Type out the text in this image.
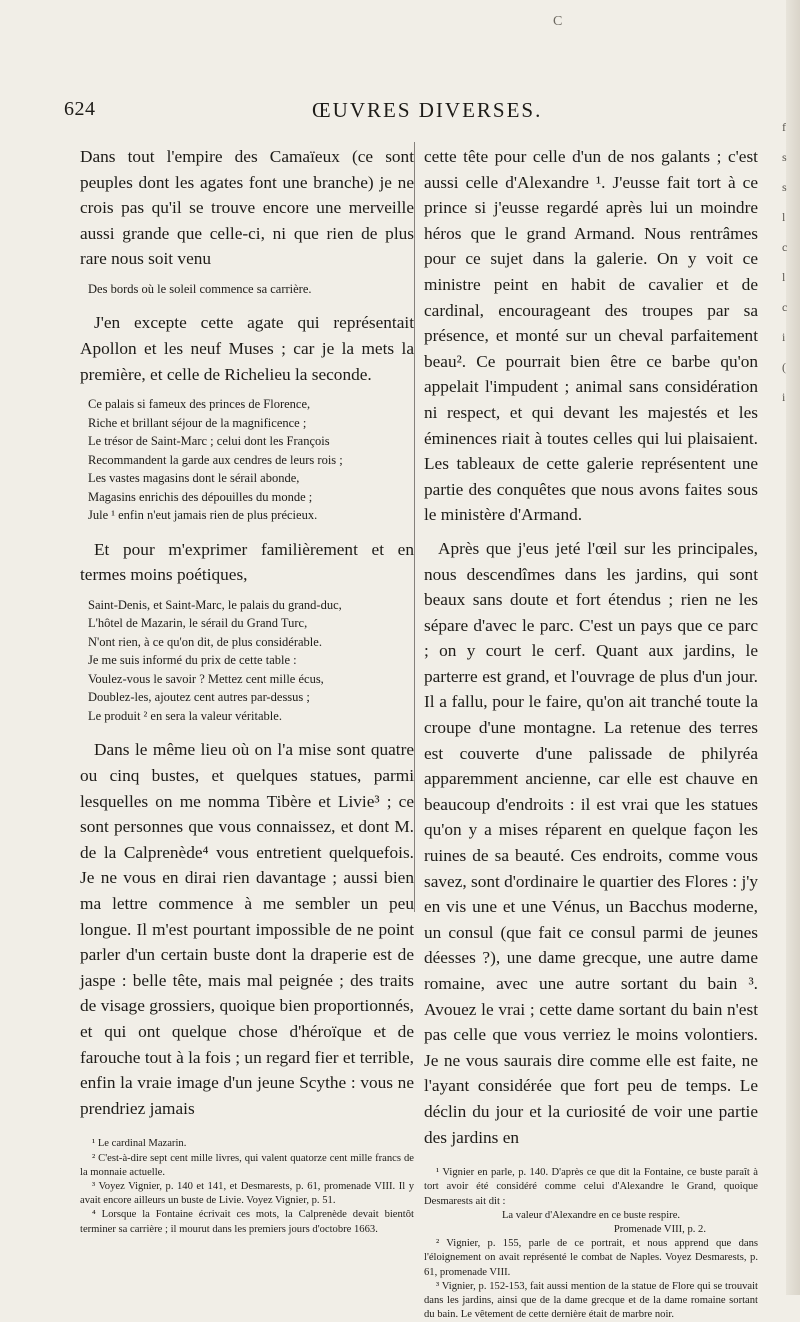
C
624	ŒUVRES DIVERSES.

Dans tout l'empire des Camaïeux (ce sont peuples dont les agates font une branche) je ne crois pas qu'il se trouve encore une merveille aussi grande que celle-ci, ni que rien de plus rare nous soit venu

Des bords où le soleil commence sa carrière.

J'en excepte cette agate qui représentait Apollon et les neuf Muses ; car je la mets la première, et celle de Richelieu la seconde.

Ce palais si fameux des princes de Florence,
Riche et brillant séjour de la magnificence ;
Le trésor de Saint-Marc ; celui dont les François
Recommandent la garde aux cendres de leurs rois ;
Les vastes magasins dont le sérail abonde,
Magasins enrichis des dépouilles du monde ;
Jule ¹ enfin n'eut jamais rien de plus précieux.

Et pour m'exprimer familièrement et en termes moins poétiques,

Saint-Denis, et Saint-Marc, le palais du grand-duc,
L'hôtel de Mazarin, le sérail du Grand Turc,
N'ont rien, à ce qu'on dit, de plus considérable.
Je me suis informé du prix de cette table :
Voulez-vous le savoir ? Mettez cent mille écus,
Doublez-les, ajoutez cent autres par-dessus ;
Le produit ² en sera la valeur véritable.

Dans le même lieu où on l'a mise sont quatre ou cinq bustes, et quelques statues, parmi lesquelles on me nomma Tibère et Livie³ ; ce sont personnes que vous connaissez, et dont M. de la Calprenède⁴ vous entretient quelquefois. Je ne vous en dirai rien davantage ; aussi bien ma lettre commence à me sembler un peu longue. Il m'est pourtant impossible de ne point parler d'un certain buste dont la draperie est de jaspe : belle tête, mais mal peignée ; des traits de visage grossiers, quoique bien proportionnés, et qui ont quelque chose d'héroïque et de farouche tout à la fois ; un regard fier et terrible, enfin la vraie image d'un jeune Scythe : vous ne prendriez jamais

¹ Le cardinal Mazarin.

² C'est-à-dire sept cent mille livres, qui valent quatorze cent mille francs de la monnaie actuelle.

³ Voyez Vignier, p. 140 et 141, et Desmarests, p. 61, promenade VIII. Il y avait encore ailleurs un buste de Livie. Voyez Vignier, p. 51.

⁴ Lorsque la Fontaine écrivait ces mots, la Calprenède devait bientôt terminer sa carrière ; il mourut dans les premiers jours d'octobre 1663.

cette tête pour celle d'un de nos galants ; c'est aussi celle d'Alexandre ¹. J'eusse fait tort à ce prince si j'eusse regardé après lui un moindre héros que le grand Armand. Nous rentrâmes pour ce sujet dans la galerie. On y voit ce ministre peint en habit de cavalier et de cardinal, encourageant des troupes par sa présence, et monté sur un cheval parfaitement beau². Ce pourrait bien être ce barbe qu'on appelait l'impudent ; animal sans considération ni respect, et qui devant les majestés et les éminences riait à toutes celles qui lui plaisaient. Les tableaux de cette galerie représentent une partie des conquêtes que nous avons faites sous le ministère d'Armand.

Après que j'eus jeté l'œil sur les principales, nous descendîmes dans les jardins, qui sont beaux sans doute et fort étendus ; rien ne les sépare d'avec le parc. C'est un pays que ce parc ; on y court le cerf. Quant aux jardins, le parterre est grand, et l'ouvrage de plus d'un jour. Il a fallu, pour le faire, qu'on ait tranché toute la croupe d'une montagne. La retenue des terres est couverte d'une palissade de philyréa apparemment ancienne, car elle est chauve en beaucoup d'endroits : il est vrai que les statues qu'on y a mises réparent en quelque façon les ruines de sa beauté. Ces endroits, comme vous savez, sont d'ordinaire le quartier des Flores : j'y en vis une et une Vénus, un Bacchus moderne, un consul (que fait ce consul parmi de jeunes déesses ?), une dame grecque, une autre dame romaine, avec une autre sortant du bain ³. Avouez le vrai ; cette dame sortant du bain n'est pas celle que vous verriez le moins volontiers. Je ne vous saurais dire comme elle est faite, ne l'ayant considérée que fort peu de temps. Le déclin du jour et la curiosité de voir une partie des jardins en

¹ Vignier en parle, p. 140. D'après ce que dit la Fontaine, ce buste paraît à tort avoir été considéré comme celui d'Alexandre le Grand, quoique Desmarests ait dit :

La valeur d'Alexandre en ce buste respire.

Promenade VIII, p. 2.

² Vignier, p. 155, parle de ce portrait, et nous apprend que dans l'éloignement on avait représenté le combat de Naples. Voyez Desmarests, p. 61, promenade VIII.

³ Vignier, p. 152-153, fait aussi mention de la statue de Flore qui se trouvait dans les jardins, ainsi que de la dame grecque et de la dame romaine sortant du bain. Le vêtement de cette dernière était de marbre noir.

f
s
s
l
c
l
c
i
(
i
